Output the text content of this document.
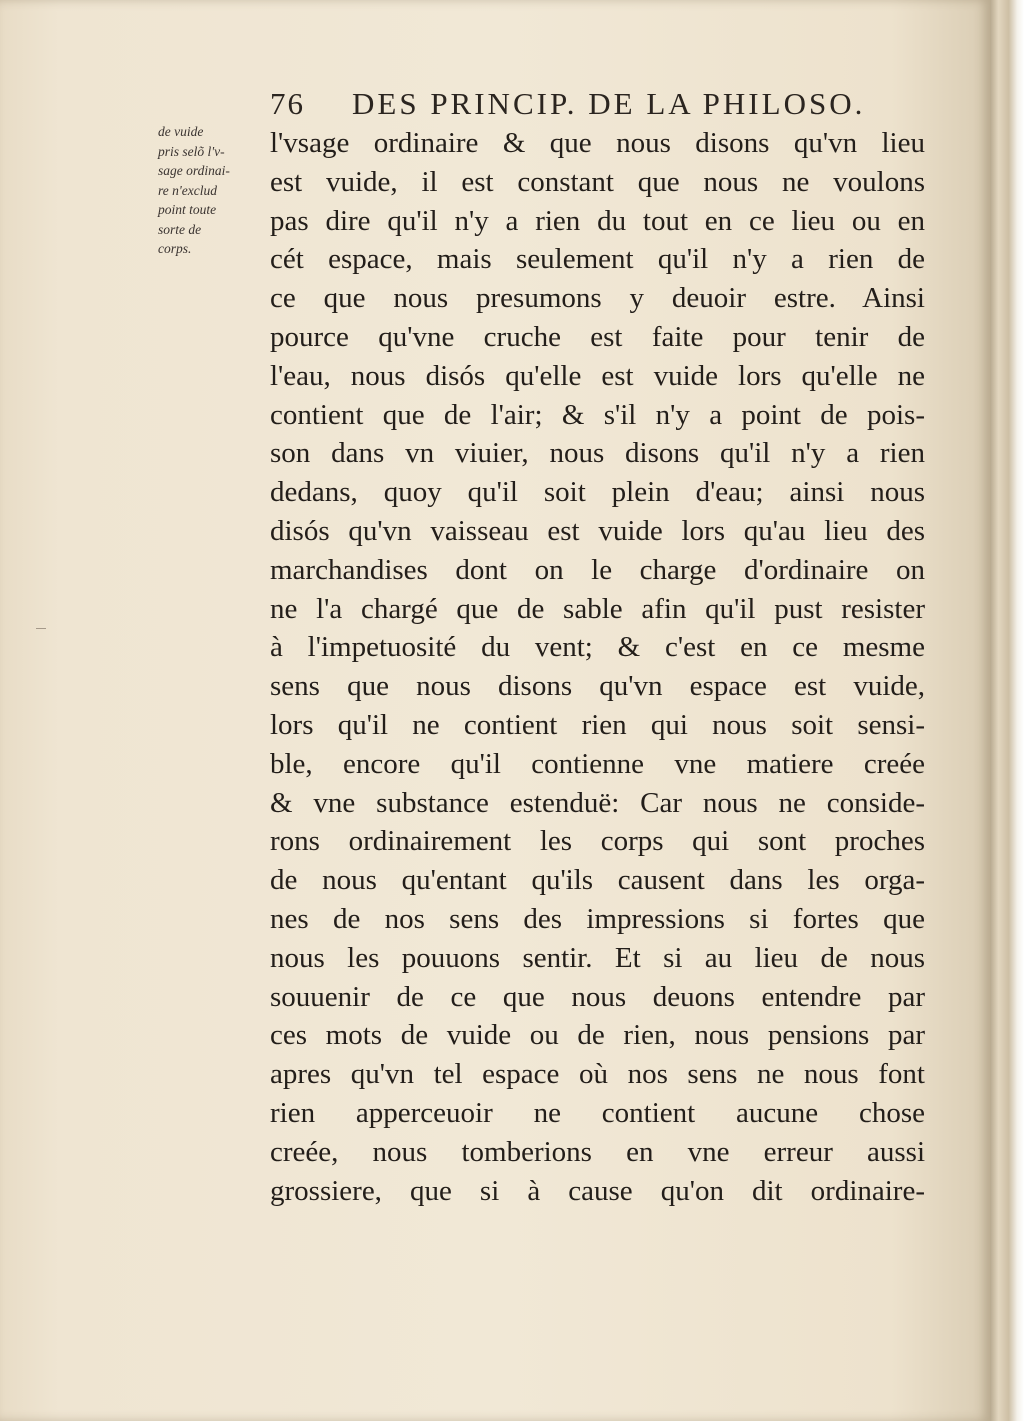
76 DES PRINCIP. DE LA PHILOSO.
de vuide
pris selõ l'v-
sage ordinai-
re n'exclud
point toute
sorte de
corps.
l'vsage ordinaire & que nous disons qu'vn lieu
est vuide, il est constant que nous ne voulons
pas dire qu'il n'y a rien du tout en ce lieu ou en
cét espace, mais seulement qu'il n'y a rien de
ce que nous presumons y deuoir estre. Ainsi
pource qu'vne cruche est faite pour tenir de
l'eau, nous disós qu'elle est vuide lors qu'elle ne
contient que de l'air; & s'il n'y a point de pois-
son dans vn viuier, nous disons qu'il n'y a rien
dedans, quoy qu'il soit plein d'eau; ainsi nous
disós qu'vn vaisseau est vuide lors qu'au lieu des
marchandises dont on le charge d'ordinaire on
ne l'a chargé que de sable afin qu'il pust resister
à l'impetuosité du vent; & c'est en ce mesme
sens que nous disons qu'vn espace est vuide,
lors qu'il ne contient rien qui nous soit sensi-
ble, encore qu'il contienne vne matiere creée
& vne substance estenduë: Car nous ne conside-
rons ordinairement les corps qui sont proches
de nous qu'entant qu'ils causent dans les orga-
nes de nos sens des impressions si fortes que
nous les pouuons sentir. Et si au lieu de nous
souuenir de ce que nous deuons entendre par
ces mots de vuide ou de rien, nous pensions par
apres qu'vn tel espace où nos sens ne nous font
rien apperceuoir ne contient aucune chose
creée, nous tomberions en vne erreur aussi
grossiere, que si à cause qu'on dit ordinaire-
